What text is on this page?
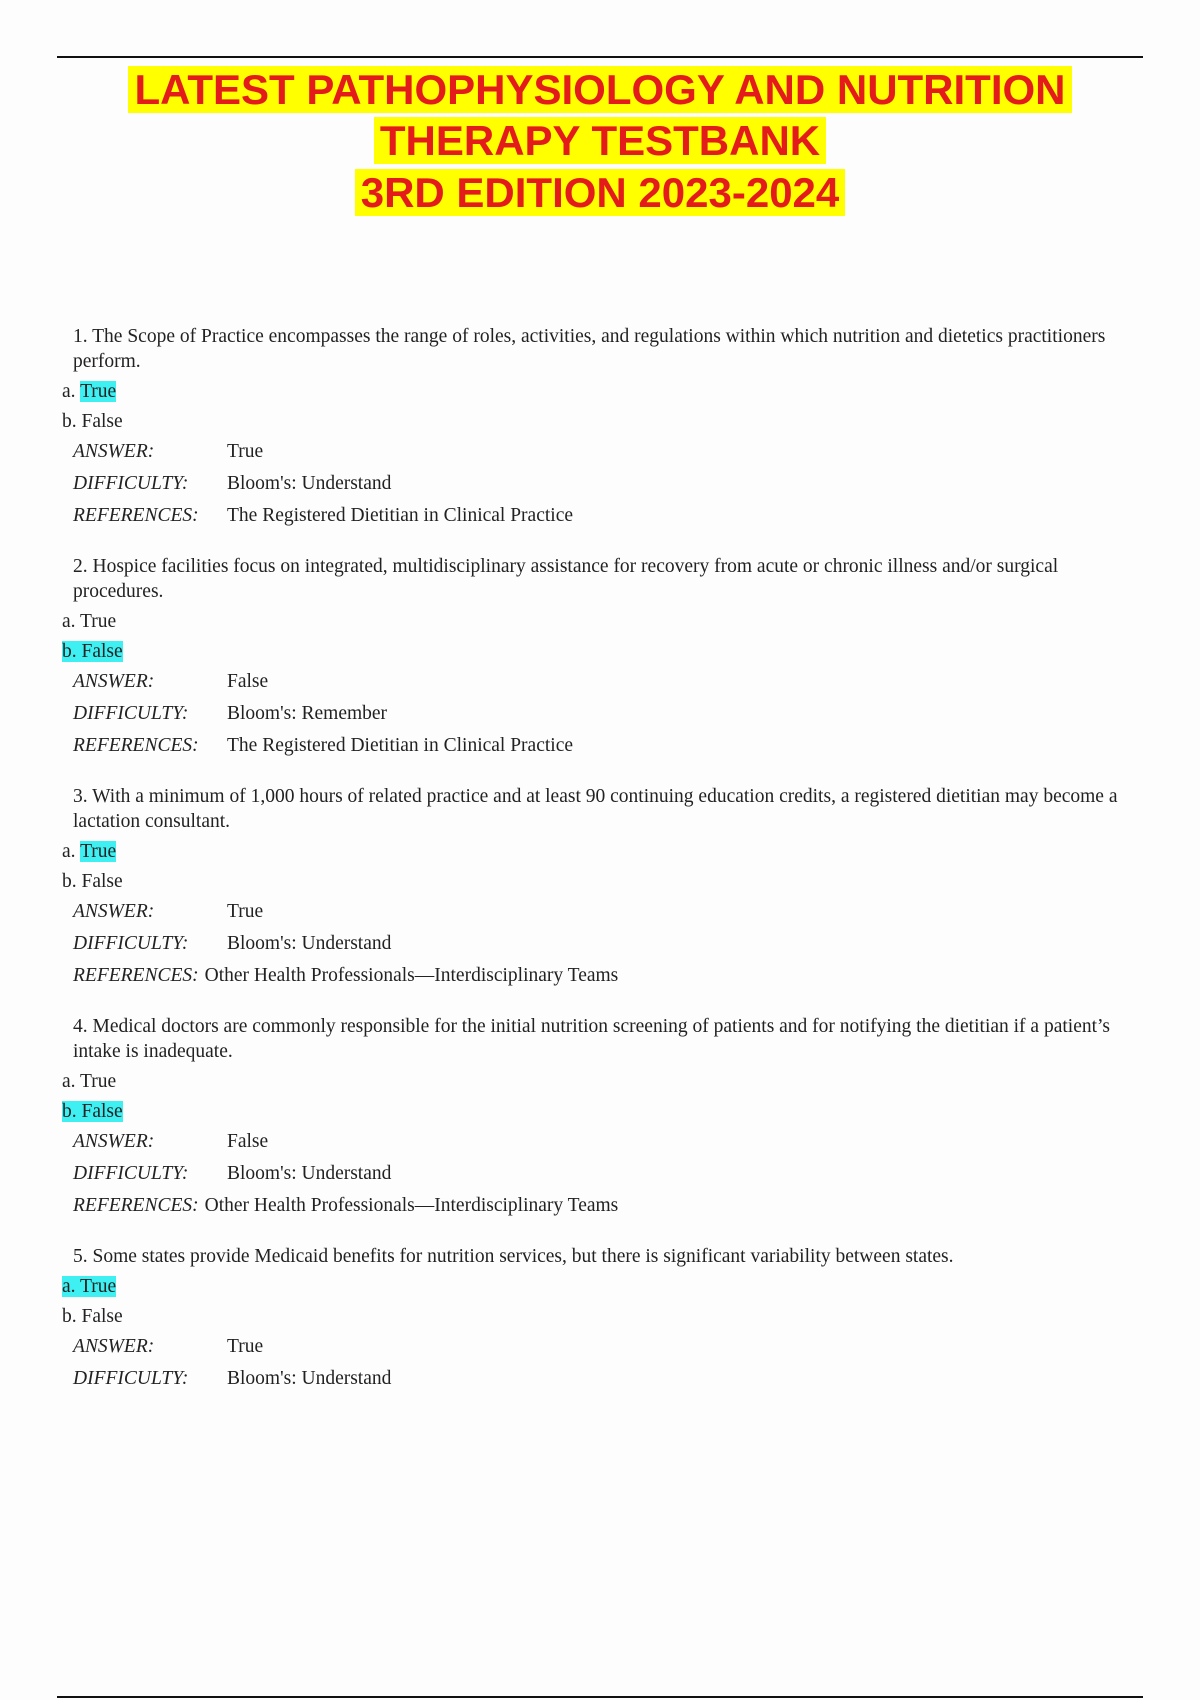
LATEST PATHOPHYSIOLOGY AND NUTRITION
THERAPY TESTBANK
3RD EDITION 2023-2024

1. The Scope of Practice encompasses the range of roles, activities, and regulations within which nutrition and dietetics practitioners perform.

a. True

b. False

ANSWER:	True
DIFFICULTY:	Bloom's: Understand
REFERENCES:	The Registered Dietitian in Clinical Practice

2. Hospice facilities focus on integrated, multidisciplinary assistance for recovery from acute or chronic illness and/or surgical procedures.

a. True

b. False

ANSWER:	False
DIFFICULTY:	Bloom's: Remember
REFERENCES:	The Registered Dietitian in Clinical Practice

3. With a minimum of 1,000 hours of related practice and at least 90 continuing education credits, a registered dietitian may become a lactation consultant.

a. True

b. False

ANSWER:	True
DIFFICULTY:	Bloom's: Understand
REFERENCES: Other Health Professionals—Interdisciplinary Teams

4. Medical doctors are commonly responsible for the initial nutrition screening of patients and for notifying the dietitian if a patient’s intake is inadequate.

a. True

b. False

ANSWER:	False
DIFFICULTY:	Bloom's: Understand
REFERENCES: Other Health Professionals—Interdisciplinary Teams

5. Some states provide Medicaid benefits for nutrition services, but there is significant variability between states.

a. True

b. False

ANSWER:	True
DIFFICULTY:	Bloom's: Understand
